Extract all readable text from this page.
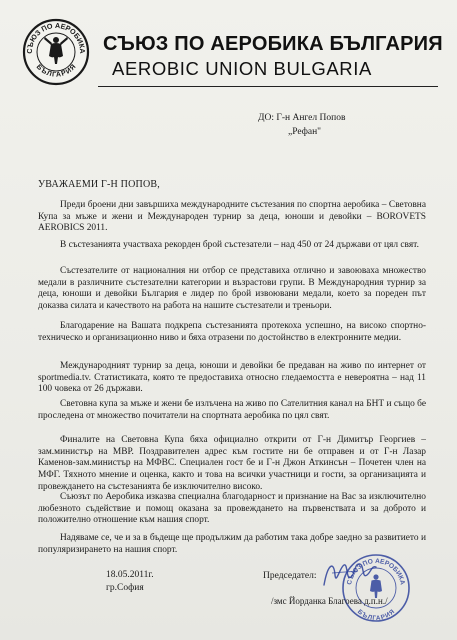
СЪЮЗ ПО АЕРОБИКА
БЪЛГАРИЯ
СЪЮЗ ПО АЕРОБИКА БЪЛГАРИЯ
AEROBIC UNION BULGARIA
ДО: Г-н Ангел Попов
„Рефан"
УВАЖАЕМИ Г-Н ПОПОВ,
Преди броени дни завършиха международните състезания по спортна аеробика – Световна Купа за мъже и жени и Международен турнир за деца, юноши и девойки – BOROVETS AEROBICS 2011.
В състезанията участваха рекорден брой състезатели – над 450 от 24 държави от цял свят.
Състезателите от националния ни отбор се представиха отлично и завоюваха множество медали в различните състезателни категории и възрастови групи. В Международния турнир за деца, юноши и девойки България е лидер по брой извоювани медали, което за пореден път доказва силата и качеството на работа на нашите състезатели и треньори.
Благодарение на Вашата подкрепа състезанията протекоха успешно, на високо спортно-техническо и организационно ниво и бяха отразени по достойнство в електронните медии.
Международният турнир за деца, юноши и девойки бе предаван на живо по интернет от sportmedia.tv. Статистиката, която те предоставиха относно гледаемостта е невероятна – над 11 100 човека от 26 държави.
Световна купа за мъже и жени бе излъчена на живо по Сателитния канал на БНТ и също бе проследена от множество почитатели на спортната аеробика по цял свят.
Финалите на Световна Купа бяха официално открити от Г-н Димитър Георгиев – зам.министър на МВР. Поздравителен адрес към гостите ни бе отправен и от Г-н Лазар Каменов-зам.министър на МФВС. Специален гост бе и Г-н Джон Аткинсън – Почетен член на МФГ. Тяхното мнение и оценка, както и това на всички участници и гости, за организацията и провеждането на състезанията бе изключително високо.
Съюзът по Аеробика изказва специална благодарност и признание на Вас за изключително любезното съдействие и помощ оказана за провеждането на първенствата и за доброто и положително отношение към нашия спорт.
Надяваме се, че и за в бъдеще ще продължим да работим така добре заедно за развитието и популяризирането на нашия спорт.
18.05.2011г.
гр.София
Председател:
СЪЮЗ ПО АЕРОБИКА
БЪЛГАРИЯ
/змс Йорданка Благоева д.п.н./
